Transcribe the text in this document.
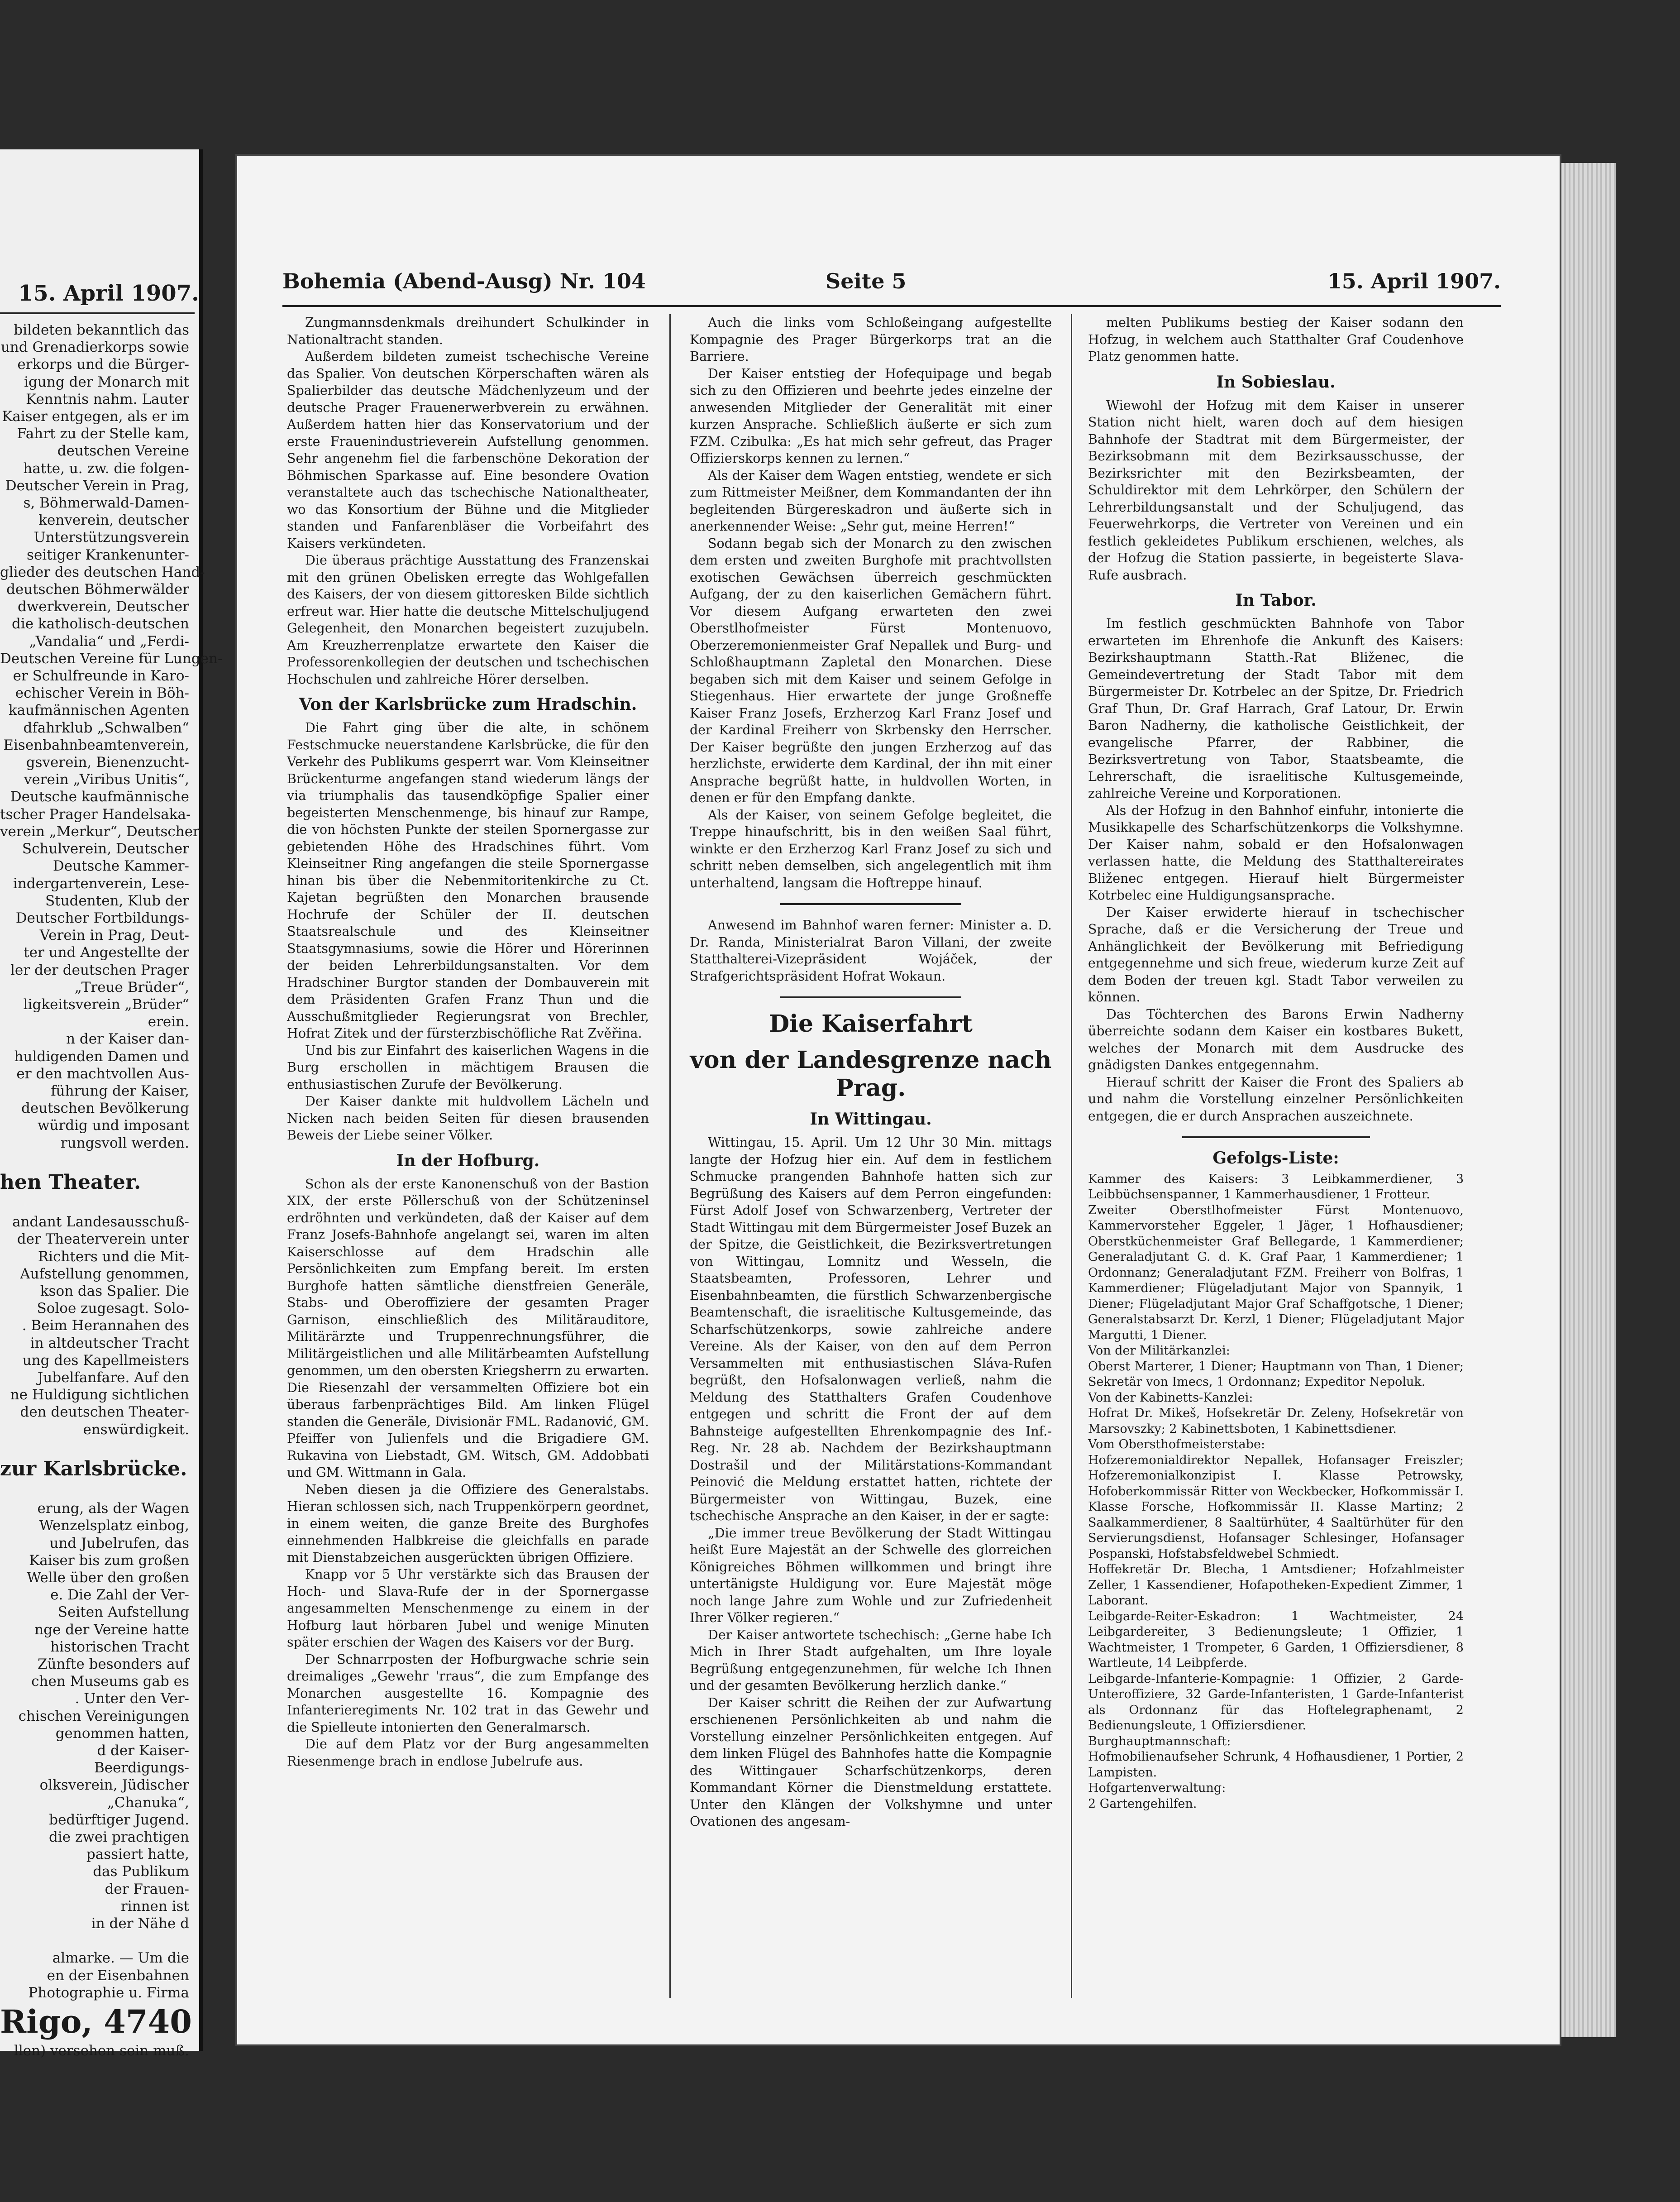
15. April 1907.
bildeten bekanntlich das
und Grenadierkorps sowie
erkorps und die Bürger-
igung der Monarch mit
Kenntnis nahm. Lauter
Kaiser entgegen, als er im
Fahrt zu der Stelle kam,
deutschen Vereine
hatte, u. zw. die folgen-
Deutscher Verein in Prag,
s, Böhmerwald-Damen-
kenverein, deutscher
Unterstützungsverein
seitiger Krankenunter-
glieder des deutschen Hand-
deutschen Böhmerwälder
dwerkverein, Deutscher
die katholisch-deutschen
„Vandalia“ und „Ferdi-
Deutschen Vereine für Lungen-
er Schulfreunde in Karo-
echischer Verein in Böh-
kaufmännischen Agenten
dfahrklub „Schwalben“
Eisenbahnbeamtenverein,
gsverein, Bienenzucht-
verein „Viribus Unitis“,
Deutsche kaufmännische
tscher Prager Handelsaka-
verein „Merkur“, Deutscher
Schulverein, Deutscher
Deutsche Kammer-
indergartenverein, Lese-
Studenten, Klub der
Deutscher Fortbildungs-
Verein in Prag, Deut-
ter und Angestellte der
ler der deutschen Prager
„Treue Brüder“,
ligkeitsverein „Brüder“
erein.
n der Kaiser dan-
huldigenden Damen und
er den machtvollen Aus-
führung der Kaiser,
deutschen Bevölkerung
würdig und imposant
rungsvoll werden.

hen Theater.

andant Landesausschuß-
der Theaterverein unter
Richters und die Mit-
Aufstellung genommen,
kson das Spalier. Die
Soloe zugesagt. Solo-
. Beim Herannahen des
in altdeutscher Tracht
ung des Kapellmeisters
Jubelfanfare. Auf den
ne Huldigung sichtlichen
den deutschen Theater-
enswürdigkeit.

zur Karlsbrücke.

erung, als der Wagen
Wenzelsplatz einbog,
und Jubelrufen, das
Kaiser bis zum großen
Welle über den großen
e. Die Zahl der Ver-
Seiten Aufstellung
nge der Vereine hatte
historischen Tracht
Zünfte besonders auf
chen Museums gab es
. Unter den Ver-
chischen Vereinigungen
genommen hatten,
d der Kaiser-
Beerdigungs-
olksverein, Jüdischer
„Chanuka“,
bedürftiger Jugend.
die zwei prachtigen
passiert hatte,
das Publikum
der Frauen-
rinnen ist
in der Nähe d

almarke. — Um die
en der Eisenbahnen
Photographie u. Firma
Rigo, 4740
llen) versehen sein muß.
Bohemia (Abend-Ausg) Nr. 104	Seite 5	15. April 1907.

Zungmannsdenkmals dreihundert Schulkinder in Nationaltracht standen.

Außerdem bildeten zumeist tschechische Vereine das Spalier. Von deutschen Körperschaften wären als Spalierbilder das deutsche Mädchenlyzeum und der deutsche Prager Frauenerwerbverein zu erwähnen. Außerdem hatten hier das Konservatorium und der erste Frauenindustrieverein Aufstellung genommen. Sehr angenehm fiel die farbenschöne Dekoration der Böhmischen Sparkasse auf. Eine besondere Ovation veranstaltete auch das tschechische Nationaltheater, wo das Konsortium der Bühne und die Mitglieder standen und Fanfarenbläser die Vorbeifahrt des Kaisers verkündeten.

Die überaus prächtige Ausstattung des Franzenskai mit den grünen Obelisken erregte das Wohlgefallen des Kaisers, der von diesem gittoresken Bilde sichtlich erfreut war. Hier hatte die deutsche Mittelschuljugend Gelegenheit, den Monarchen begeistert zuzujubeln. Am Kreuzherrenplatze erwartete den Kaiser die Professorenkollegien der deutschen und tschechischen Hochschulen und zahlreiche Hörer derselben.

Von der Karlsbrücke zum Hradschin.

Die Fahrt ging über die alte, in schönem Festschmucke neuerstandene Karlsbrücke, die für den Verkehr des Publikums gesperrt war. Vom Kleinseitner Brückenturme angefangen stand wiederum längs der via triumphalis das tausendköpfige Spalier einer begeisterten Menschenmenge, bis hinauf zur Rampe, die von höchsten Punkte der steilen Spornergasse zur gebietenden Höhe des Hradschines führt. Vom Kleinseitner Ring angefangen die steile Spornergasse hinan bis über die Nebenmitoritenkirche zu Ct. Kajetan begrüßten den Monarchen brausende Hochrufe der Schüler der II. deutschen Staatsrealschule und des Kleinseitner Staatsgymnasiums, sowie die Hörer und Hörerinnen der beiden Lehrerbildungsanstalten. Vor dem Hradschiner Burgtor standen der Dombauverein mit dem Präsidenten Grafen Franz Thun und die Ausschußmitglieder Regierungsrat von Brechler, Hofrat Zitek und der fürsterzbischöfliche Rat Zvěřina.

Und bis zur Einfahrt des kaiserlichen Wagens in die Burg erschollen in mächtigem Brausen die enthusiastischen Zurufe der Bevölkerung.

Der Kaiser dankte mit huldvollem Lächeln und Nicken nach beiden Seiten für diesen brausenden Beweis der Liebe seiner Völker.

In der Hofburg.

Schon als der erste Kanonenschuß von der Bastion XIX, der erste Pöllerschuß von der Schützeninsel erdröhnten und verkündeten, daß der Kaiser auf dem Franz Josefs-Bahnhofe angelangt sei, waren im alten Kaiserschlosse auf dem Hradschin alle Persönlichkeiten zum Empfang bereit. Im ersten Burghofe hatten sämtliche dienstfreien Generäle, Stabs- und Oberoffiziere der gesamten Prager Garnison, einschließlich des Militärauditore, Militärärzte und Truppenrechnungsführer, die Militärgeistlichen und alle Militärbeamten Aufstellung genommen, um den obersten Kriegsherrn zu erwarten. Die Riesenzahl der versammelten Offiziere bot ein überaus farbenprächtiges Bild. Am linken Flügel standen die Generäle, Divisionär FML. Radanović, GM. Pfeiffer von Julienfels und die Brigadiere GM. Rukavina von Liebstadt, GM. Witsch, GM. Addobbati und GM. Wittmann in Gala.

Neben diesen ja die Offiziere des Generalstabs. Hieran schlossen sich, nach Truppenkörpern geordnet, in einem weiten, die ganze Breite des Burghofes einnehmenden Halbkreise die gleichfalls en parade mit Dienstabzeichen ausgerückten übrigen Offiziere.

Knapp vor 5 Uhr verstärkte sich das Brausen der Hoch- und Slava-Rufe der in der Spornergasse angesammelten Menschenmenge zu einem in der Hofburg laut hörbaren Jubel und wenige Minuten später erschien der Wagen des Kaisers vor der Burg.

Der Schnarrposten der Hofburgwache schrie sein dreimaliges „Gewehr 'rraus“, die zum Empfange des Monarchen ausgestellte 16. Kompagnie des Infanterieregiments Nr. 102 trat in das Gewehr und die Spielleute intonierten den Generalmarsch.

Die auf dem Platz vor der Burg angesammelten Riesenmenge brach in endlose Jubelrufe aus.

Auch die links vom Schloßeingang aufgestellte Kompagnie des Prager Bürgerkorps trat an die Barriere.

Der Kaiser entstieg der Hofequipage und begab sich zu den Offizieren und beehrte jedes einzelne der anwesenden Mitglieder der Generalität mit einer kurzen Ansprache. Schließlich äußerte er sich zum FZM. Czibulka: „Es hat mich sehr gefreut, das Prager Offizierskorps kennen zu lernen.“

Als der Kaiser dem Wagen entstieg, wendete er sich zum Rittmeister Meißner, dem Kommandanten der ihn begleitenden Bürgereskadron und äußerte sich in anerkennender Weise: „Sehr gut, meine Herren!“

Sodann begab sich der Monarch zu den zwischen dem ersten und zweiten Burghofe mit prachtvollsten exotischen Gewächsen überreich geschmückten Aufgang, der zu den kaiserlichen Gemächern führt. Vor diesem Aufgang erwarteten den zwei Oberstlhofmeister Fürst Montenuovo, Oberzeremonienmeister Graf Nepallek und Burg- und Schloßhauptmann Zapletal den Monarchen. Diese begaben sich mit dem Kaiser und seinem Gefolge in Stiegenhaus. Hier erwartete der junge Großneffe Kaiser Franz Josefs, Erzherzog Karl Franz Josef und der Kardinal Freiherr von Skrbensky den Herrscher. Der Kaiser begrüßte den jungen Erzherzog auf das herzlichste, erwiderte dem Kardinal, der ihn mit einer Ansprache begrüßt hatte, in huldvollen Worten, in denen er für den Empfang dankte.

Als der Kaiser, von seinem Gefolge begleitet, die Treppe hinaufschritt, bis in den weißen Saal führt, winkte er den Erzherzog Karl Franz Josef zu sich und schritt neben demselben, sich angelegentlich mit ihm unterhaltend, langsam die Hoftreppe hinauf.

Anwesend im Bahnhof waren ferner: Minister a. D. Dr. Randa, Ministerialrat Baron Villani, der zweite Statthalterei-Vizepräsident Wojáček, der Strafgerichtspräsident Hofrat Wokaun.

Die Kaiserfahrt
von der Landesgrenze nach Prag.
In Wittingau.

Wittingau, 15. April. Um 12 Uhr 30 Min. mittags langte der Hofzug hier ein. Auf dem in festlichem Schmucke prangenden Bahnhofe hatten sich zur Begrüßung des Kaisers auf dem Perron eingefunden: Fürst Adolf Josef von Schwarzenberg, Vertreter der Stadt Wittingau mit dem Bürgermeister Josef Buzek an der Spitze, die Geistlichkeit, die Bezirksvertretungen von Wittingau, Lomnitz und Wesseln, die Staatsbeamten, Professoren, Lehrer und Eisenbahnbeamten, die fürstlich Schwarzenbergische Beamtenschaft, die israelitische Kultusgemeinde, das Scharfschützenkorps, sowie zahlreiche andere Vereine. Als der Kaiser, von den auf dem Perron Versammelten mit enthusiastischen Sláva-Rufen begrüßt, den Hofsalonwagen verließ, nahm die Meldung des Statthalters Grafen Coudenhove entgegen und schritt die Front der auf dem Bahnsteige aufgestellten Ehrenkompagnie des Inf.-Reg. Nr. 28 ab. Nachdem der Bezirkshauptmann Dostrašil und der Militärstations-Kommandant Peinović die Meldung erstattet hatten, richtete der Bürgermeister von Wittingau, Buzek, eine tschechische Ansprache an den Kaiser, in der er sagte:

„Die immer treue Bevölkerung der Stadt Wittingau heißt Eure Majestät an der Schwelle des glorreichen Königreiches Böhmen willkommen und bringt ihre untertänigste Huldigung vor. Eure Majestät möge noch lange Jahre zum Wohle und zur Zufriedenheit Ihrer Völker regieren.“

Der Kaiser antwortete tschechisch: „Gerne habe Ich Mich in Ihrer Stadt aufgehalten, um Ihre loyale Begrüßung entgegenzunehmen, für welche Ich Ihnen und der gesamten Bevölkerung herzlich danke.“

Der Kaiser schritt die Reihen der zur Aufwartung erschienenen Persönlichkeiten ab und nahm die Vorstellung einzelner Persönlichkeiten entgegen. Auf dem linken Flügel des Bahnhofes hatte die Kompagnie des Wittingauer Scharfschützenkorps, deren Kommandant Körner die Dienstmeldung erstattete. Unter den Klängen der Volkshymne und unter Ovationen des angesam-

melten Publikums bestieg der Kaiser sodann den Hofzug, in welchem auch Statthalter Graf Coudenhove Platz genommen hatte.

In Sobieslau.

Wiewohl der Hofzug mit dem Kaiser in unserer Station nicht hielt, waren doch auf dem hiesigen Bahnhofe der Stadtrat mit dem Bürgermeister, der Bezirksobmann mit dem Bezirksausschusse, der Bezirksrichter mit den Bezirksbeamten, der Schuldirektor mit dem Lehrkörper, den Schülern der Lehrerbildungsanstalt und der Schuljugend, das Feuerwehrkorps, die Vertreter von Vereinen und ein festlich gekleidetes Publikum erschienen, welches, als der Hofzug die Station passierte, in begeisterte Slava-Rufe ausbrach.

In Tabor.

Im festlich geschmückten Bahnhofe von Tabor erwarteten im Ehrenhofe die Ankunft des Kaisers: Bezirkshauptmann Statth.-Rat Bliženec, die Gemeindevertretung der Stadt Tabor mit dem Bürgermeister Dr. Kotrbelec an der Spitze, Dr. Friedrich Graf Thun, Dr. Graf Harrach, Graf Latour, Dr. Erwin Baron Nadherny, die katholische Geistlichkeit, der evangelische Pfarrer, der Rabbiner, die Bezirksvertretung von Tabor, Staatsbeamte, die Lehrerschaft, die israelitische Kultusgemeinde, zahlreiche Vereine und Korporationen.

Als der Hofzug in den Bahnhof einfuhr, intonierte die Musikkapelle des Scharfschützenkorps die Volkshymne. Der Kaiser nahm, sobald er den Hofsalonwagen verlassen hatte, die Meldung des Statthaltereirates Bliženec entgegen. Hierauf hielt Bürgermeister Kotrbelec eine Huldigungsansprache.

Der Kaiser erwiderte hierauf in tschechischer Sprache, daß er die Versicherung der Treue und Anhänglichkeit der Bevölkerung mit Befriedigung entgegennehme und sich freue, wiederum kurze Zeit auf dem Boden der treuen kgl. Stadt Tabor verweilen zu können.

Das Töchterchen des Barons Erwin Nadherny überreichte sodann dem Kaiser ein kostbares Bukett, welches der Monarch mit dem Ausdrucke des gnädigsten Dankes entgegennahm.

Hierauf schritt der Kaiser die Front des Spaliers ab und nahm die Vorstellung einzelner Persönlichkeiten entgegen, die er durch Ansprachen auszeichnete.

Gefolgs-Liste:

Kammer des Kaisers: 3 Leibkammerdiener, 3 Leibbüchsenspanner, 1 Kammerhausdiener, 1 Frotteur.

Zweiter Oberstlhofmeister Fürst Montenuovo, Kammervorsteher Eggeler, 1 Jäger, 1 Hofhausdiener; Oberstküchenmeister Graf Bellegarde, 1 Kammerdiener; Generaladjutant G. d. K. Graf Paar, 1 Kammerdiener; 1 Ordonnanz; Generaladjutant FZM. Freiherr von Bolfras, 1 Kammerdiener; Flügeladjutant Major von Spannyik, 1 Diener; Flügeladjutant Major Graf Schaffgotsche, 1 Diener; Generalstabsarzt Dr. Kerzl, 1 Diener; Flügeladjutant Major Margutti, 1 Diener.

Von der Militärkanzlei:

Oberst Marterer, 1 Diener; Hauptmann von Than, 1 Diener; Sekretär von Imecs, 1 Ordonnanz; Expeditor Nepoluk.

Von der Kabinetts-Kanzlei:

Hofrat Dr. Mikeš, Hofsekretär Dr. Zeleny, Hofsekretär von Marsovszky; 2 Kabinettsboten, 1 Kabinettsdiener.

Vom Obersthofmeisterstabe:

Hofzeremonialdirektor Nepallek, Hofansager Freiszler; Hofzeremonialkonzipist I. Klasse Petrowsky, Hofoberkommissär Ritter von Weckbecker, Hofkommissär I. Klasse Forsche, Hofkommissär II. Klasse Martinz; 2 Saalkammerdiener, 8 Saaltürhüter, 4 Saaltürhüter für den Servierungsdienst, Hofansager Schlesinger, Hofansager Pospanski, Hofstabsfeldwebel Schmiedt.

Hoffekretär Dr. Blecha, 1 Amtsdiener; Hofzahlmeister Zeller, 1 Kassendiener, Hofapotheken-Expedient Zimmer, 1 Laborant.

Leibgarde-Reiter-Eskadron: 1 Wachtmeister, 24 Leibgardereiter, 3 Bedienungsleute; 1 Offizier, 1 Wachtmeister, 1 Trompeter, 6 Garden, 1 Offiziersdiener, 8 Wartleute, 14 Leibpferde.

Leibgarde-Infanterie-Kompagnie: 1 Offizier, 2 Garde-Unteroffiziere, 32 Garde-Infanteristen, 1 Garde-Infanterist als Ordonnanz für das Hoftelegraphenamt, 2 Bedienungsleute, 1 Offiziersdiener.

Burghauptmannschaft:

Hofmobilienaufseher Schrunk, 4 Hofhausdiener, 1 Portier, 2 Lampisten.

Hofgartenverwaltung:

2 Gartengehilfen.
